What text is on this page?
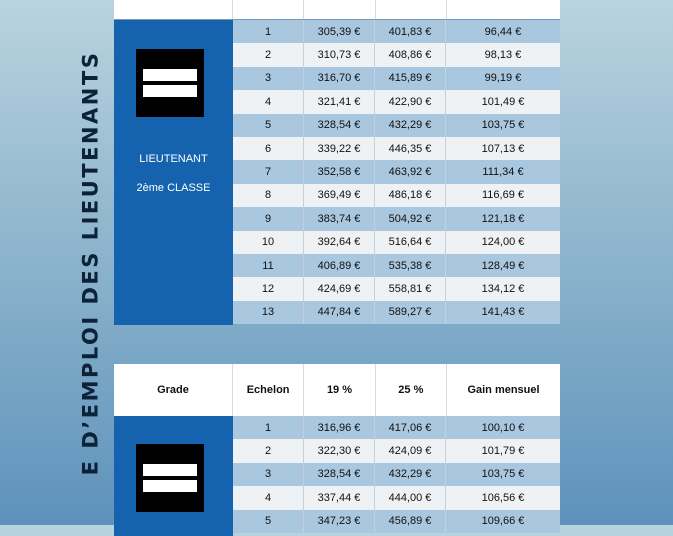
E D’EMPLOI DES LIEUTENANTS	LIEUTENANT
2ème CLASSE
1	305,39 €	401,83 €	96,44 €
2	310,73 €	408,86 €	98,13 €
3	316,70 €	415,89 €	99,19 €
4	321,41 €	422,90 €	101,49 €
5	328,54 €	432,29 €	103,75 €
6	339,22 €	446,35 €	107,13 €
7	352,58 €	463,92 €	111,34 €
8	369,49 €	486,18 €	116,69 €
9	383,74 €	504,92 €	121,18 €
10	392,64 €	516,64 €	124,00 €
11	406,89 €	535,38 €	128,49 €
12	424,69 €	558,81 €	134,12 €
13	447,84 €	589,27 €	141,43 €
Grade	Echelon	19 %	25 %	Gain mensuel
1	316,96 €	417,06 €	100,10 €
2	322,30 €	424,09 €	101,79 €
3	328,54 €	432,29 €	103,75 €
4	337,44 €	444,00 €	106,56 €
5	347,23 €	456,89 €	109,66 €
